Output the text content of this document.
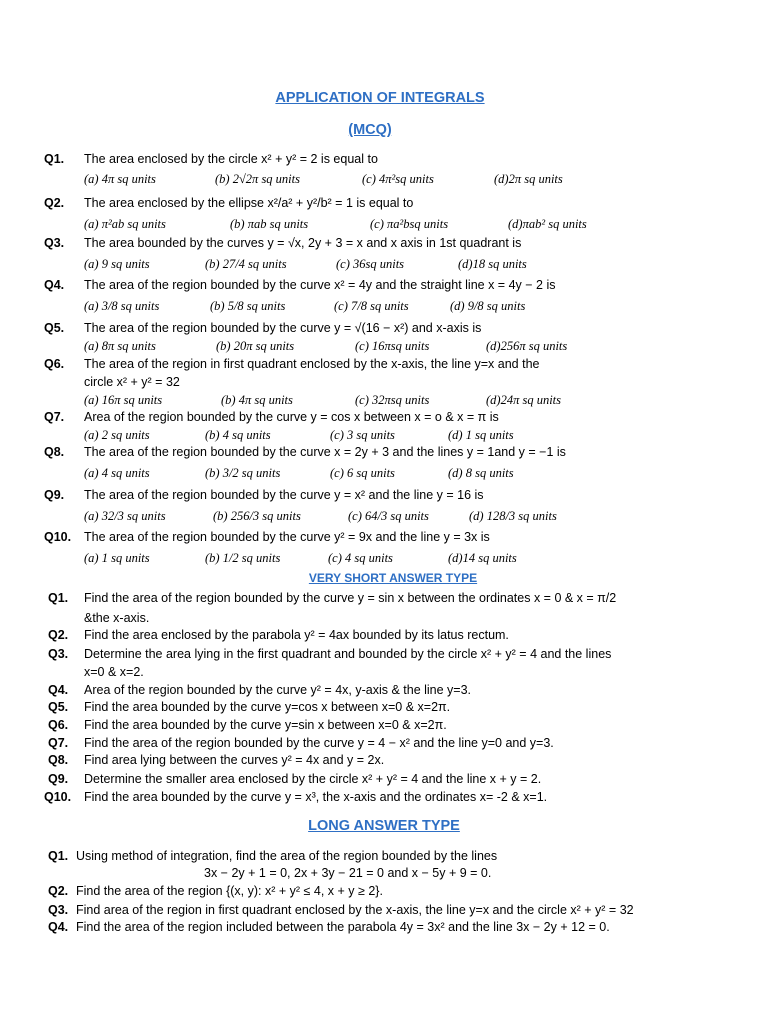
APPLICATION OF INTEGRALS
(MCQ)
Q1. The area enclosed by the circle x² + y² = 2 is equal to
(a) 4π sq units	(b) 2√2π sq units	(c) 4π²sq units	(d)2π sq units
Q2. The area enclosed by the ellipse x²/a² + y²/b² = 1 is equal to
(a) π²ab sq units	(b) πab sq units	(c) πa²bsq units	(d)πab² sq units
Q3. The area bounded by the curves y = √x, 2y + 3 = x and x axis in 1st quadrant is
(a) 9 sq units	(b) 27/4 sq units	(c) 36sq units	(d)18 sq units
Q4. The area of the region bounded by the curve x² = 4y and the straight line x = 4y − 2 is
(a) 3/8 sq units	(b) 5/8 sq units	(c) 7/8 sq units	(d) 9/8 sq units
Q5. The area of the region bounded by the curve y = √(16 − x²) and x-axis is
(a) 8π sq units	(b) 20π sq units	(c) 16πsq units	(d)256π sq units
Q6. The area of the region in first quadrant enclosed by the x-axis, the line y=x and the
circle x² + y² = 32
(a) 16π sq units	(b) 4π sq units	(c) 32πsq units	(d)24π sq units
Q7. Area of the region bounded by the curve y = cos x between x = o & x = π is
(a) 2 sq units	(b) 4 sq units	(c) 3 sq units	(d) 1 sq units
Q8. The area of the region bounded by the curve x = 2y + 3 and the lines y = 1and y = −1 is
(a) 4 sq units	(b) 3/2 sq units	(c) 6 sq units	(d) 8 sq units
Q9. The area of the region bounded by the curve y = x² and the line y = 16 is
(a) 32/3 sq units	(b) 256/3 sq units	(c) 64/3 sq units	(d) 128/3 sq units
Q10. The area of the region bounded by the curve y² = 9x and the line y = 3x is
(a) 1 sq units	(b) 1/2 sq units	(c) 4 sq units	(d)14 sq units
VERY SHORT ANSWER TYPE
Q1. Find the area of the region bounded by the curve y = sin x between the ordinates x = 0 & x = π/2
&the x-axis.
Q2. Find the area enclosed by the parabola y² = 4ax bounded by its latus rectum.
Q3. Determine the area lying in the first quadrant and bounded by the circle x² + y² = 4 and the lines
x=0 & x=2.
Q4. Area of the region bounded by the curve y² = 4x, y-axis & the line y=3.
Q5. Find the area bounded by the curve y=cos x between x=0 & x=2π.
Q6. Find the area bounded by the curve y=sin x between x=0 & x=2π.
Q7. Find the area of the region bounded by the curve y = 4 − x² and the line y=0 and y=3.
Q8. Find area lying between the curves y² = 4x and y = 2x.
Q9. Determine the smaller area enclosed by the circle x² + y² = 4 and the line x + y = 2.
Q10. Find the area bounded by the curve y = x³, the x-axis and the ordinates x= -2 & x=1.
LONG ANSWER TYPE
Q1. Using method of integration, find the area of the region bounded by the lines
3x − 2y + 1 = 0, 2x + 3y − 21 = 0 and x − 5y + 9 = 0.
Q2. Find the area of the region {(x, y): x² + y² ≤ 4, x + y ≥ 2}.
Q3. Find area of the region in first quadrant enclosed by the x-axis, the line y=x and the circle x² + y² = 32
Q4. Find the area of the region included between the parabola 4y = 3x² and the line 3x − 2y + 12 = 0.
